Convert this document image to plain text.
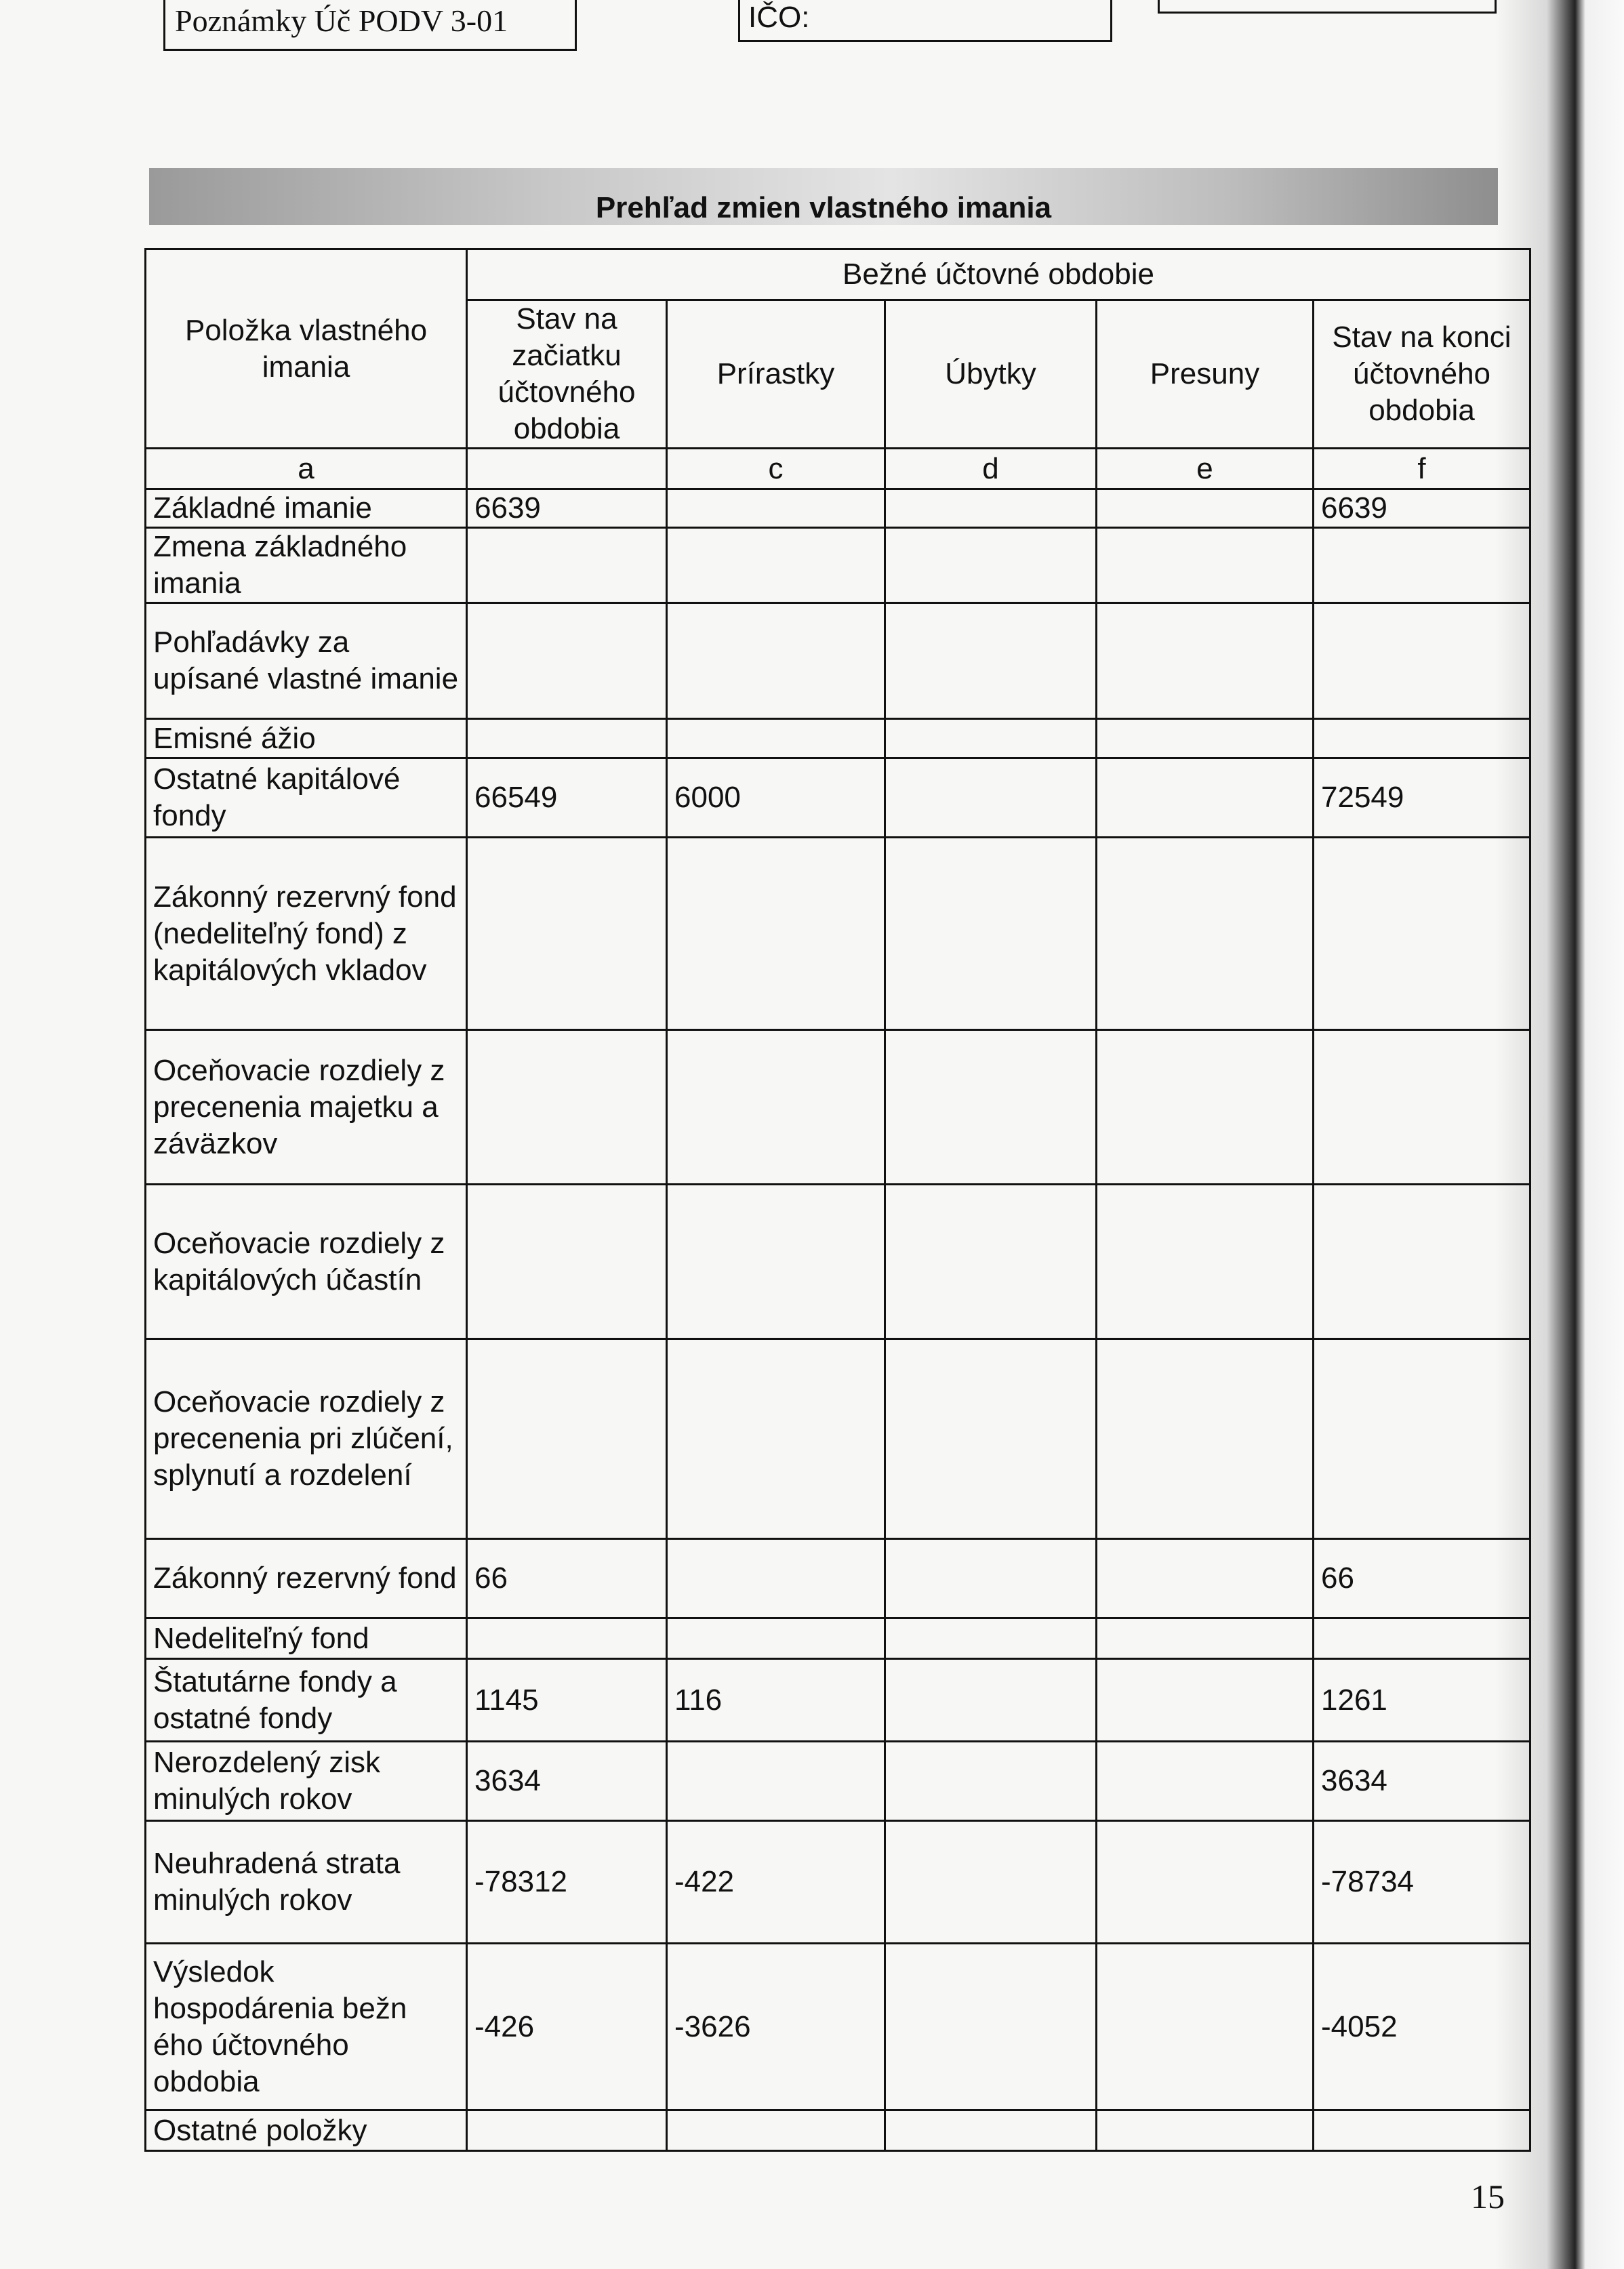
Poznámky Úč PODV 3-01	IČO:
Prehľad zmien vlastného imania
Položka vlastného imania	Bežné účtovné obdobie				
	Stav na začiatku účtovného obdobia	Prírastky	Úbytky	Presuny	Stav na konci účtovného obdobia
a		c	d	e	f
Základné imanie	6639				6639
Zmena základného imania					
Pohľadávky za upísané vlastné imanie					
Emisné ážio					
Ostatné kapitálové fondy	66549	6000			72549
Zákonný rezervný fond (nedeliteľný fond) z kapitálových vkladov					
Oceňovacie rozdiely z precenenia majetku a záväzkov					
Oceňovacie rozdiely z kapitálových účastín					
Oceňovacie rozdiely z precenenia pri zlúčení, splynutí a rozdelení					
Zákonný rezervný fond	66				66
Nedeliteľný fond					
Štatutárne fondy a ostatné fondy	1145	116			1261
Nerozdelený zisk minulých rokov	3634				3634
Neuhradená strata minulých rokov	-78312	-422			-78734
Výsledok hospodárenia bežn ého účtovného obdobia	-426	-3626			-4052
Ostatné položky					
15
